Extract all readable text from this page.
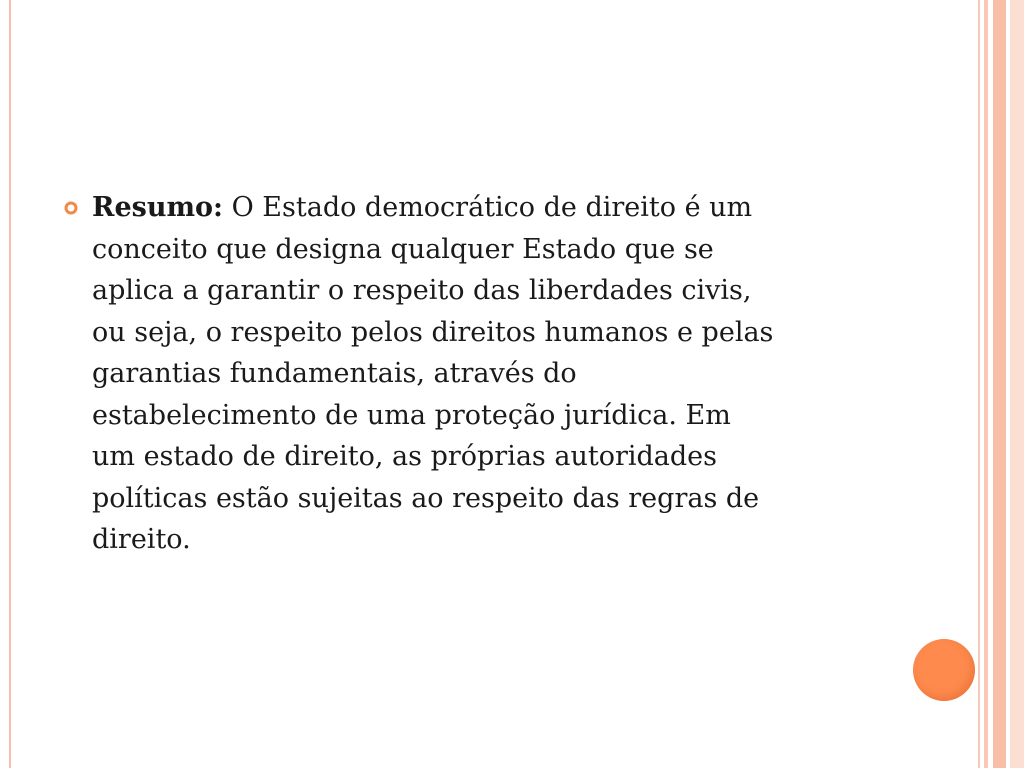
Resumo: O Estado democrático de direito é um
conceito que designa qualquer Estado que se
aplica a garantir o respeito das liberdades civis,
ou seja, o respeito pelos direitos humanos e pelas
garantias fundamentais, através do
estabelecimento de uma proteção jurídica. Em
um estado de direito, as próprias autoridades
políticas estão sujeitas ao respeito das regras de
direito.
